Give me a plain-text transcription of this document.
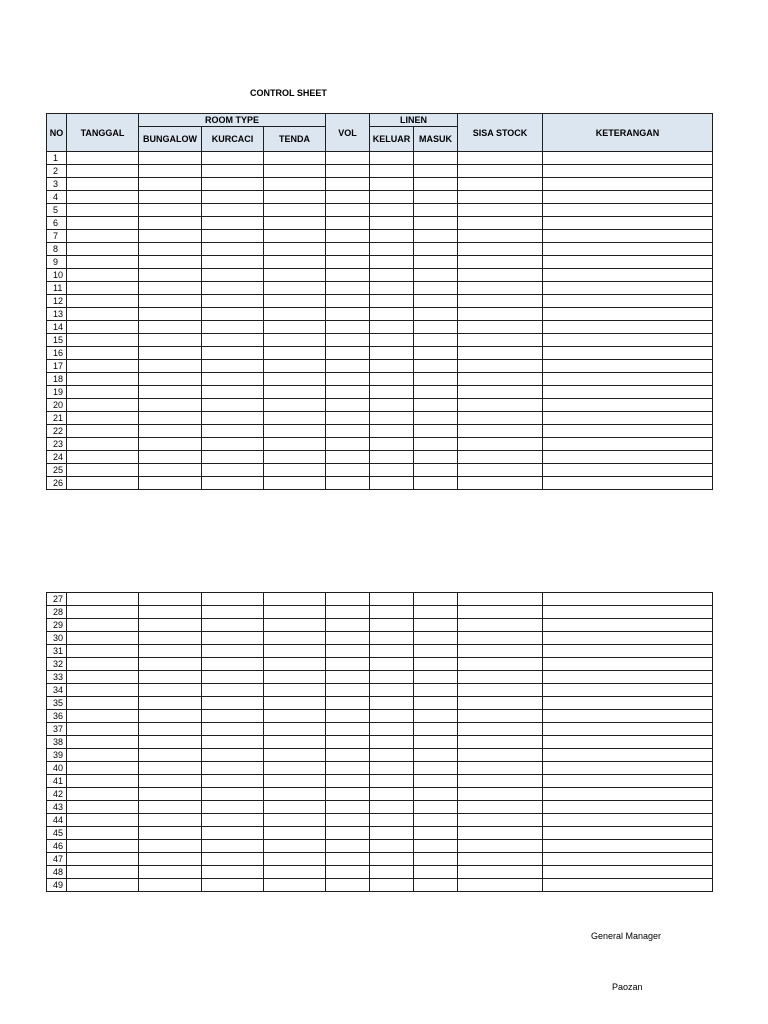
CONTROL SHEET
NO	TANGGAL	ROOM TYPE			VOL	LINEN		SISA STOCK	KETERANGAN
		BUNGALOW	KURCACI	TENDA		KELUAR	MASUK		
1									
2									
3									
4									
5									
6									
7									
8									
9									
10									
11									
12									
13									
14									
15									
16									
17									
18									
19									
20									
21									
22									
23									
24									
25									
26									
27									
28									
29									
30									
31									
32									
33									
34									
35									
36									
37									
38									
39									
40									
41									
42									
43									
44									
45									
46									
47									
48									
49									
General Manager
Paozan
